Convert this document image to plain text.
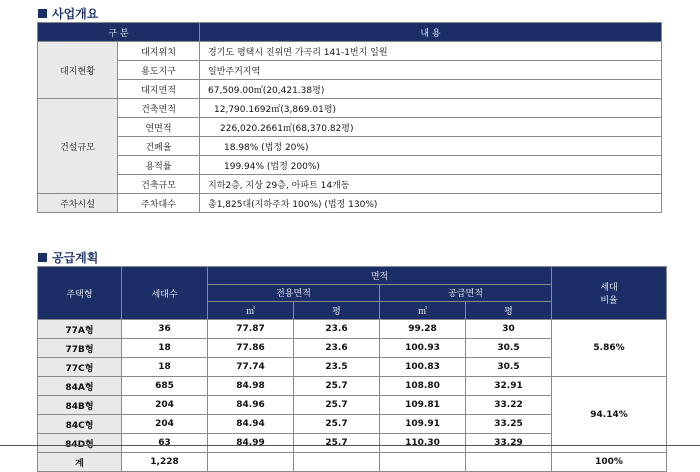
사업개요
구 분		내 용
대지현황	대지위치	경기도 평택시 진위면 가곡리 141-1번지 일원
	용도지구	일반주거지역
	대지면적	67,509.00㎡(20,421.38평)
건설규모	건축면적	12,790.1692㎡(3,869.01평)
	연면적	226,020.2661㎡(68,370.82평)
	건폐율	18.98% (법정 20%)
	용적률	199.94% (법정 200%)
	건축규모	지하2층, 지상 29층, 아파트 14개동
주차시설	주차대수	총1,825대(지하주차 100%) (법정 130%)
공급계획
주택형	세대수	면적				세대
비율

		전용면적		공급면적		
		㎡	평	㎡	평	
77A형	36	77.87	23.6	99.28	30	5.86%
77B형	18	77.86	23.6	100.93	30.5	
77C형	18	77.74	23.5	100.83	30.5	
84A형	685	84.98	25.7	108.80	32.91	94.14%
84B형	204	84.96	25.7	109.81	33.22	
84C형	204	84.94	25.7	109.91	33.25	
84D형	63	84.99	25.7	110.30	33.29	
계	1,228					100%
